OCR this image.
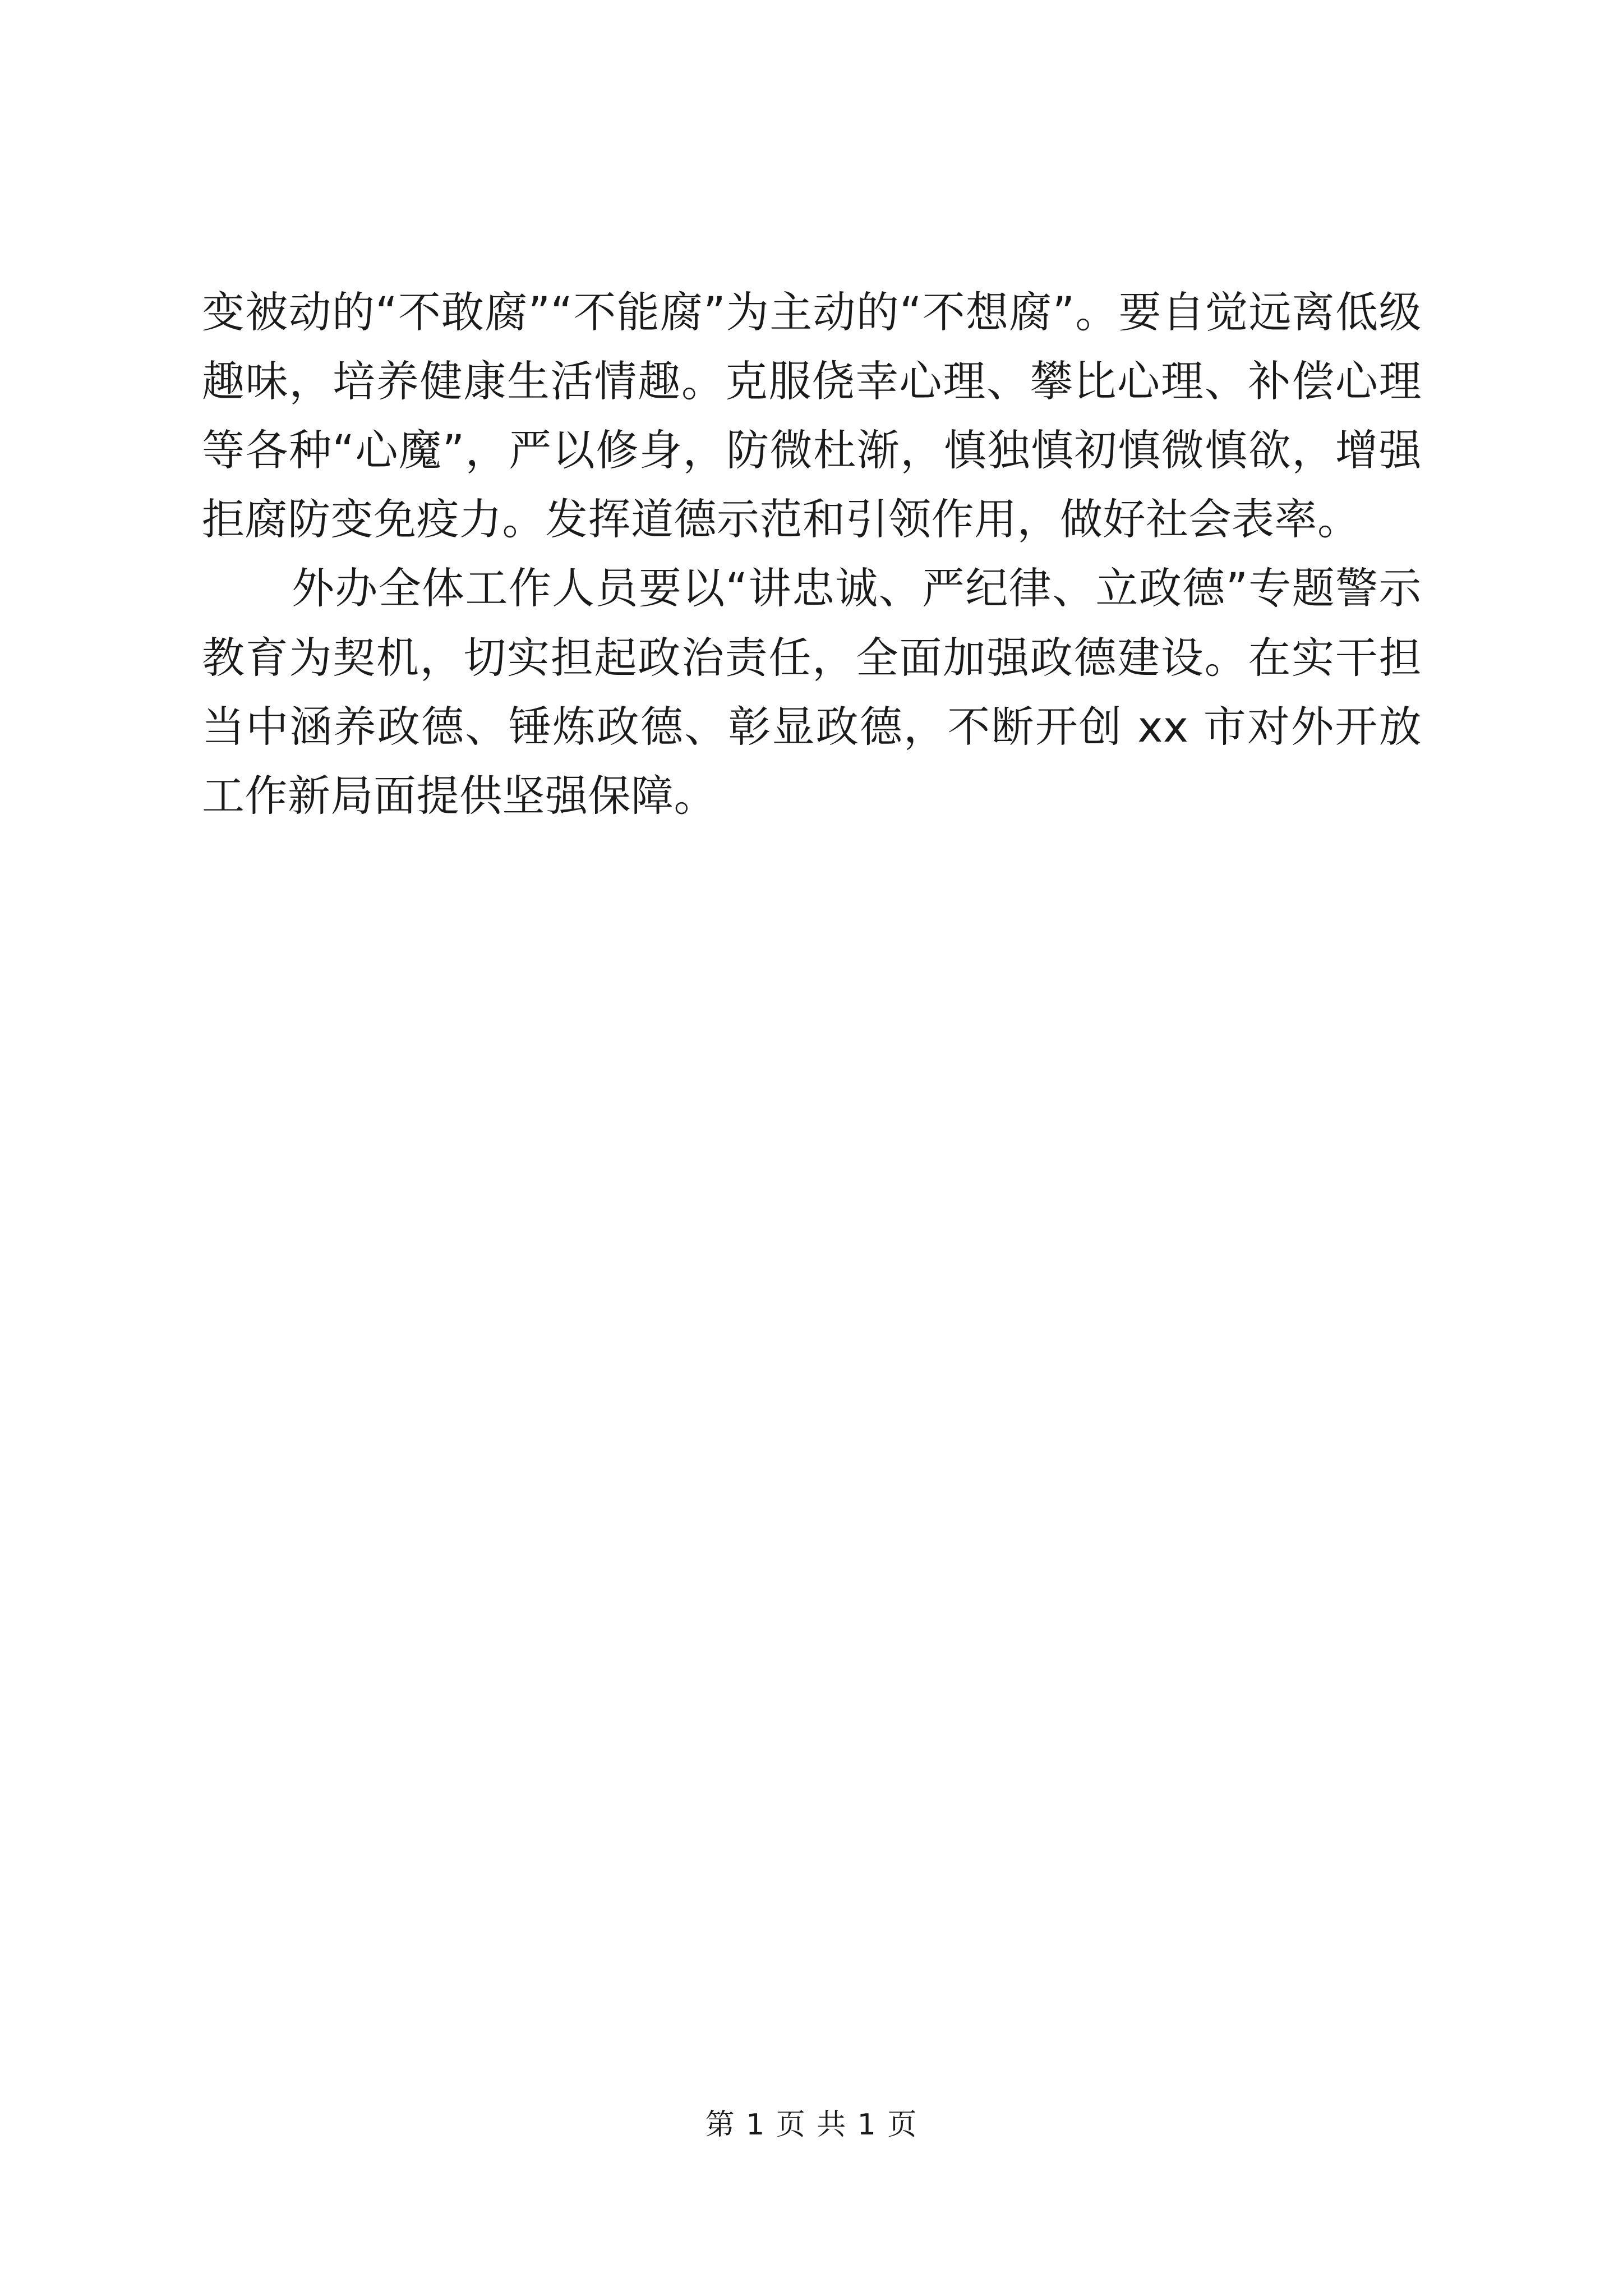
变被动的“不敢腐”“不能腐”为主动的“不想腐”。要自觉远离低级趣味，培养健康生活情趣。克服侥幸心理、攀比心理、补偿心理等各种“心魔”，严以修身，防微杜渐，慎独慎初慎微慎欲，增强拒腐防变免疫力。发挥道德示范和引领作用，做好社会表率。

外办全体工作人员要以“讲忠诚、严纪律、立政德”专题警示教育为契机，切实担起政治责任，全面加强政德建设。在实干担当中涵养政德、锤炼政德、彰显政德，不断开创 xx 市对外开放工作新局面提供坚强保障。

第 1 页 共 1 页
